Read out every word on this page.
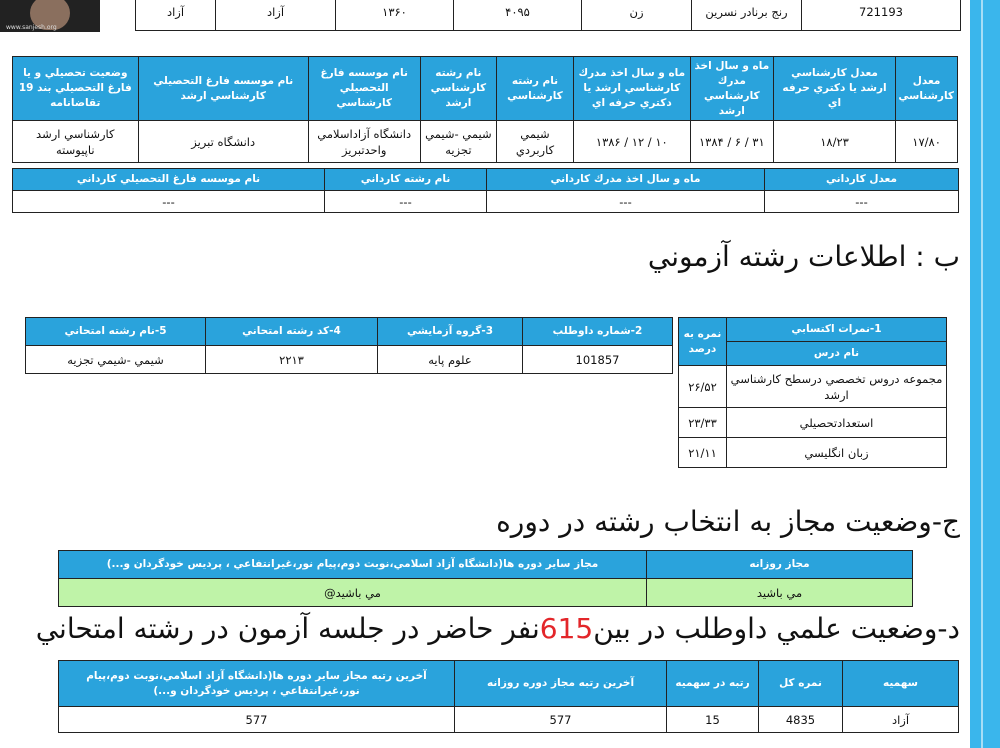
www.sanjesh.org
آزاد	آزاد	۱۳۶۰	۴۰۹۵	زن	رنج برنادر نسرين	721193
وضعيت تحصيلي و يا فارغ التحصيلي بند 19 تقاضانامه	نام موسسه فارغ التحصيلي كارشناسي ارشد	نام موسسه فارغ التحصيلي كارشناسي	نام رشته كارشناسي ارشد	نام رشته كارشناسي	ماه و سال اخذ مدرك كارشناسي ارشد يا دكتري حرفه اي	ماه و سال اخذ مدرك كارشناسي ارشد	معدل كارشناسي ارشد يا دكتري حرفه اي	معدل كارشناسي
كارشناسي ارشد ناپيوسته	دانشگاه تبريز	دانشگاه آزاداسلامي واحدتبريز	شيمي -شيمي تجزيه	شيمي كاربردي	۱۰ / ۱۲ / ۱۳۸۶	۳۱ / ۶ / ۱۳۸۴	۱۸/۲۳	۱۷/۸۰
نام موسسه فارغ التحصيلي كارداني	نام رشته كارداني	ماه و سال اخذ مدرك كارداني	معدل كارداني
---	---	---	---
ب : اطلاعات رشته آزموني
5-نام رشته امتحاني	4-كد رشته امتحاني	3-گروه آزمايشي	2-شماره داوطلب
شيمي -شيمي تجزيه	۲۲۱۳	علوم پايه	101857
نمره به درصد	1-نمرات اكتسابي
	نام درس
۲۶/۵۲	مجموعه دروس تخصصي درسطح كارشناسي ارشد
۲۳/۳۳	استعدادتحصيلي
۲۱/۱۱	زبان انگليسي
ج-وضعيت مجاز به انتخاب رشته در دوره
مجاز ساير دوره ها(دانشگاه آزاد اسلامي،نوبت دوم،پيام نور،غيرانتفاعي ، پرديس خودگردان و...)	مجاز روزانه
مي باشيد@	مي باشيد
د-وضعيت علمي داوطلب در بين615نفر حاضر در جلسه آزمون در رشته امتحاني
آخرين رتبه مجاز ساير دوره ها(دانشگاه آزاد اسلامي،نوبت دوم،پيام نور،غيرانتفاعي ، پرديس خودگردان و...)	آخرين رتبه مجاز دوره روزانه	رتبه در سهميه	نمره كل	سهميه
577	577	15	4835	آزاد
